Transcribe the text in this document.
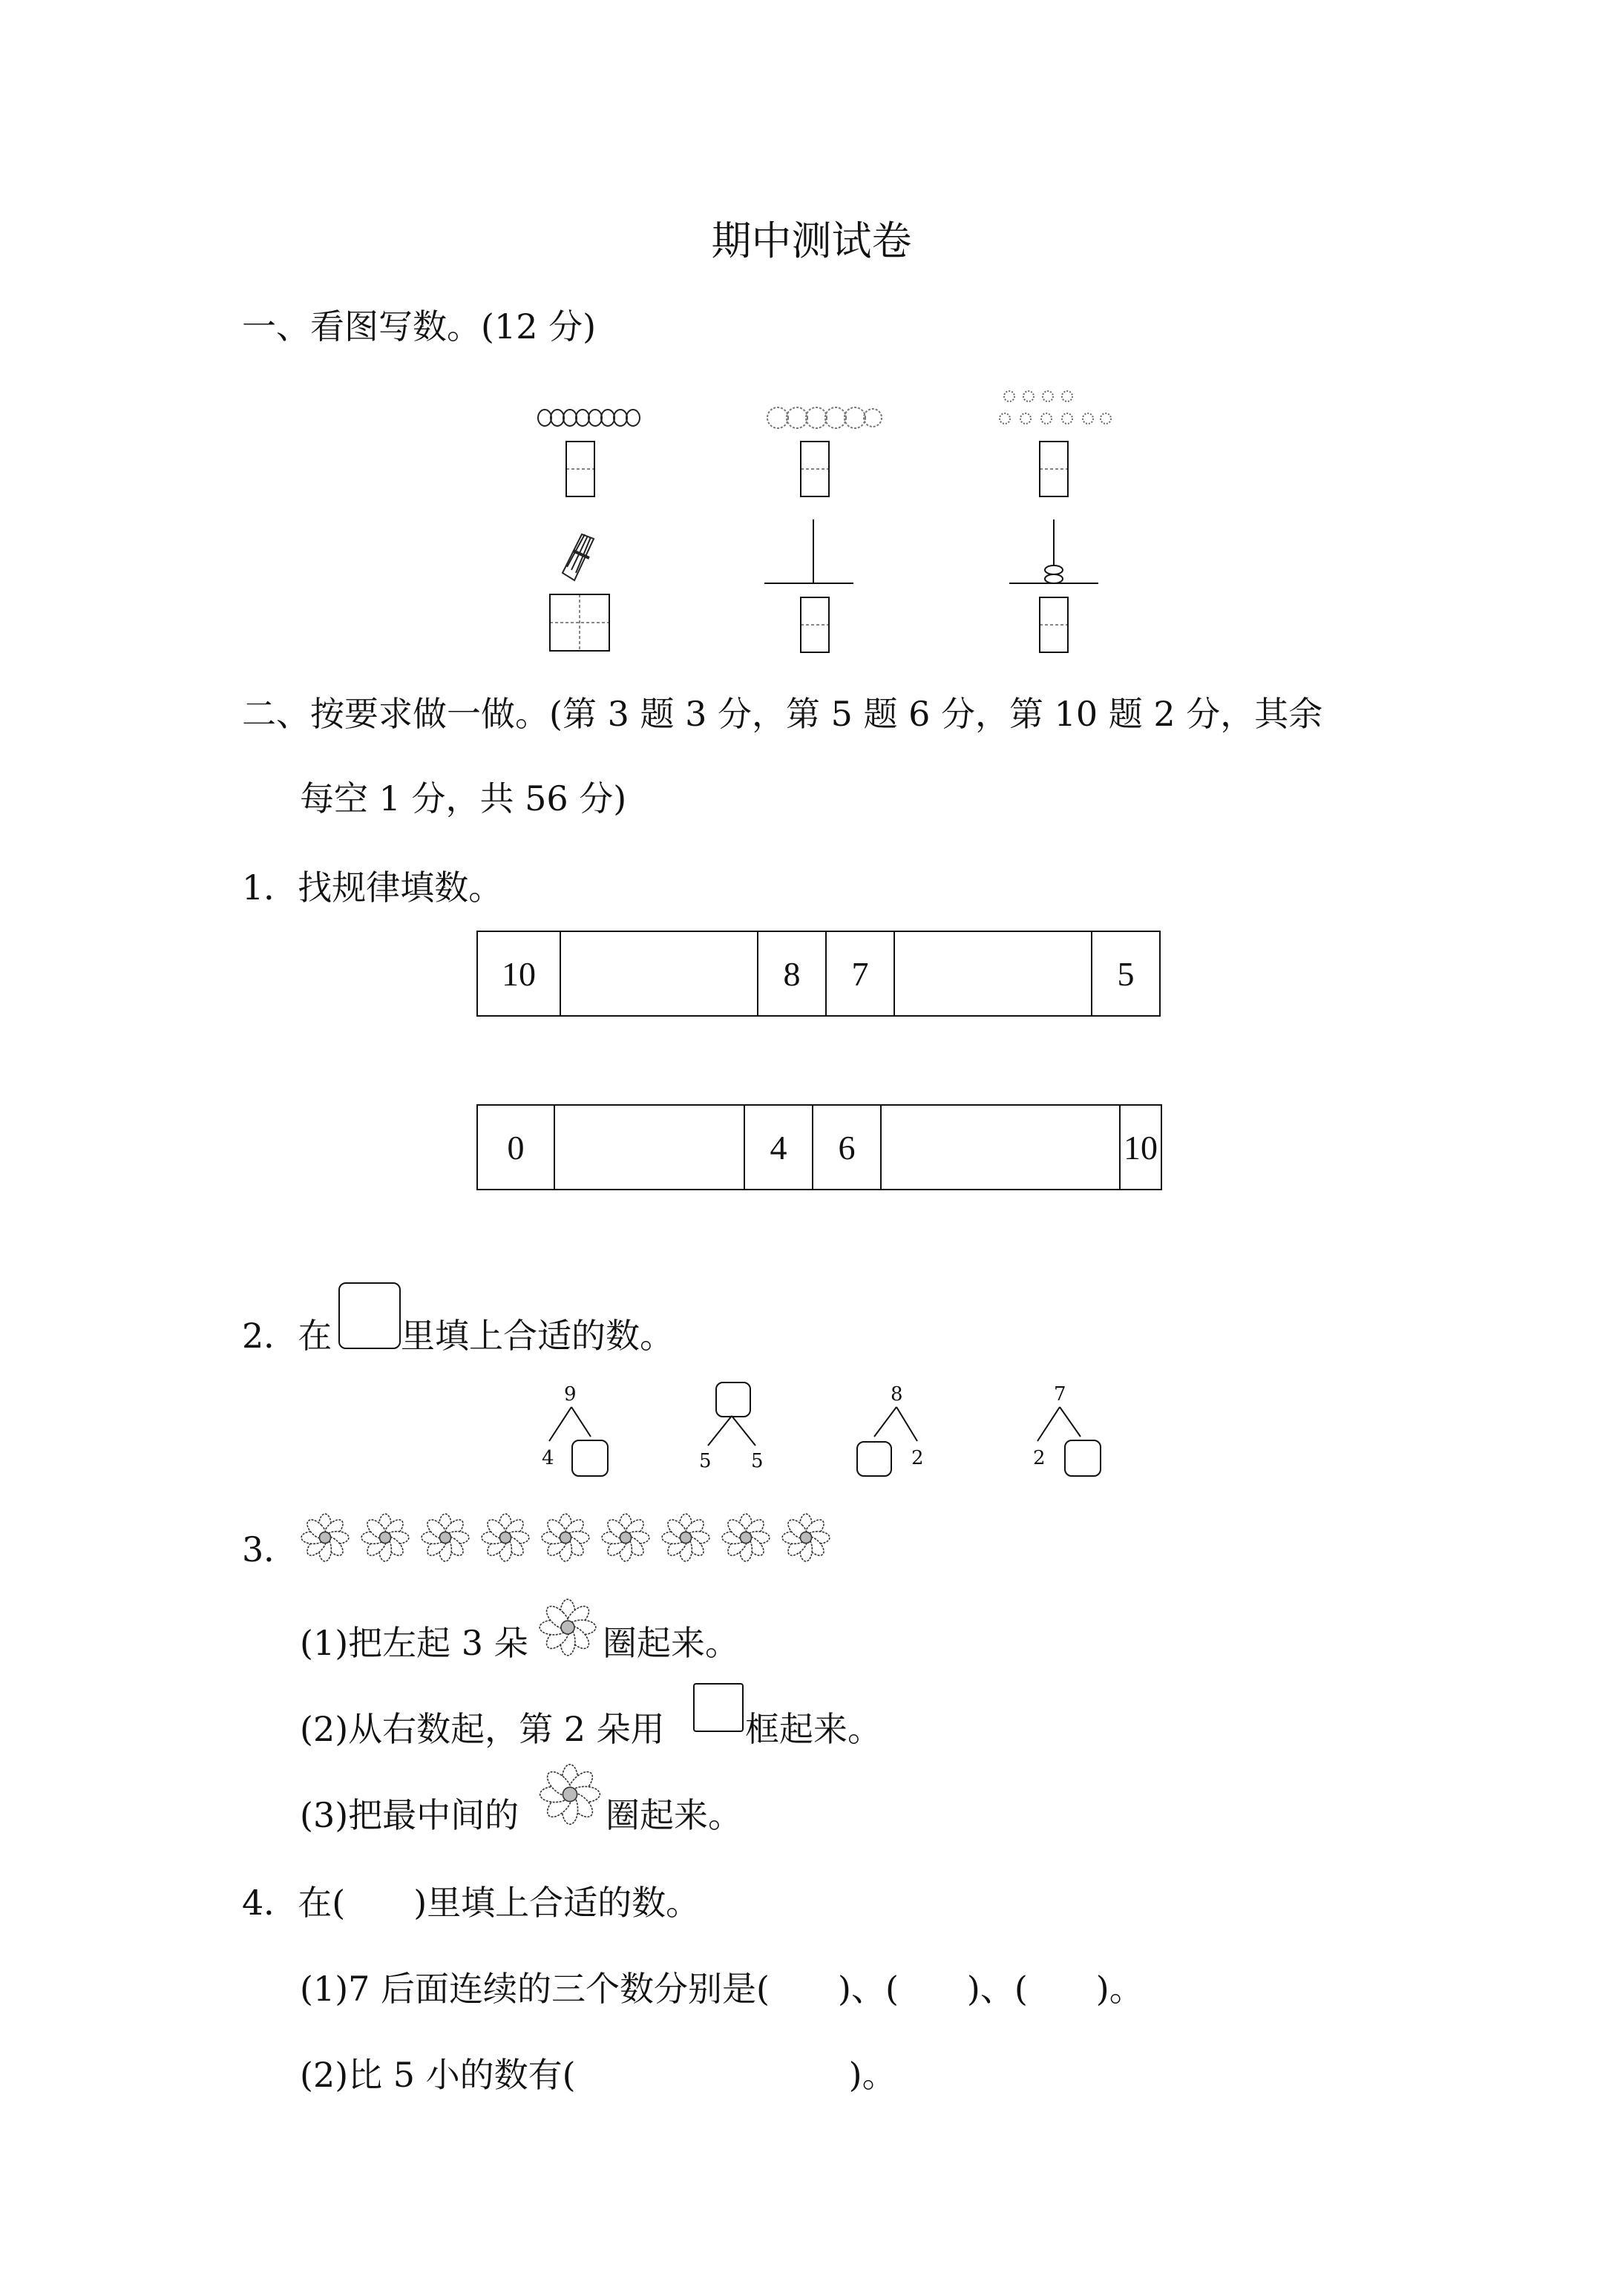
期中测试卷
一、看图写数。(12 分)
二、按要求做一做。(第 3 题 3 分，第 5 题 6 分，第 10 题 2 分，其余
每空 1 分，共 56 分)
1．找规律填数。
10		8	7		5
0		4	6		10
2．在 里填上合适的数。
9
4	5 5
8
2
7
2
3．
(1)把左起 3 朵 圈起来。
(2)从右数起，第 2 朵用 框起来。
(3)把最中间的	圈起来。
4．在(　　)里填上合适的数。
(1)7 后面连续的三个数分别是(　　)、(　　)、(　　)。
(2)比 5 小的数有(　　　　　　　　)。
